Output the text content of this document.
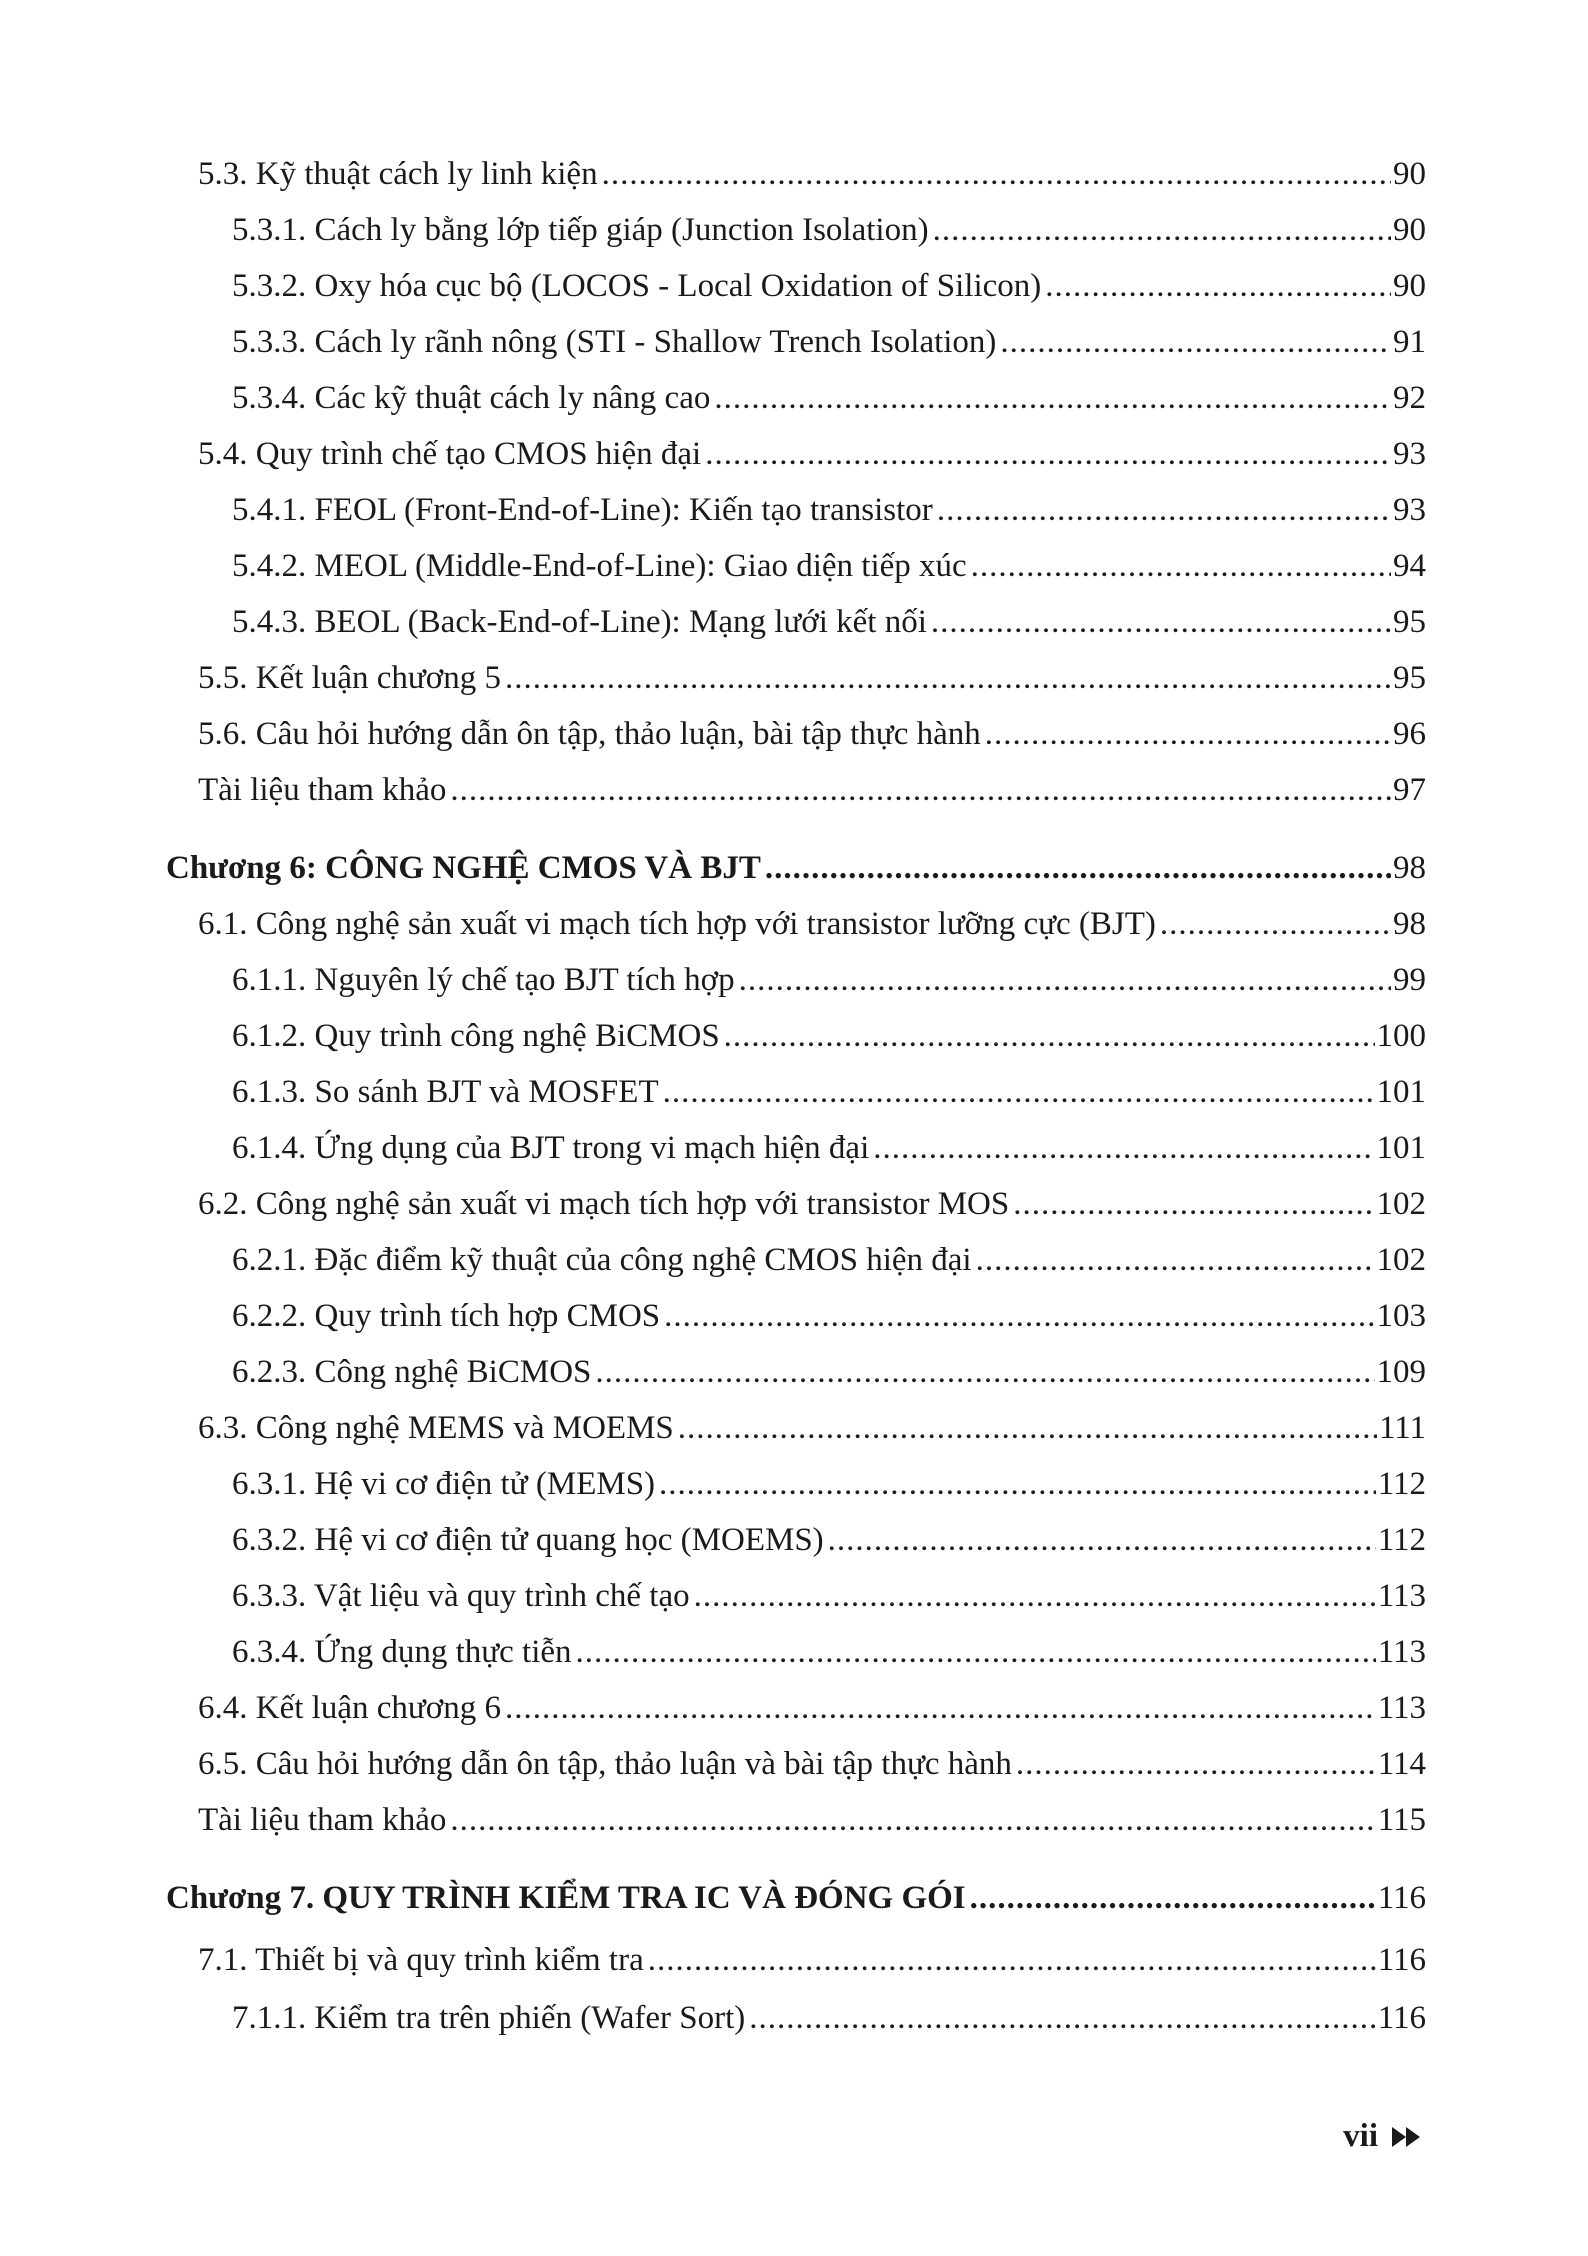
5.3. Kỹ thuật cách ly linh kiện .....	90
5.3.1. Cách ly bằng lớp tiếp giáp (Junction Isolation) .....	90
5.3.2. Oxy hóa cục bộ (LOCOS - Local Oxidation of Silicon) .....	90
5.3.3. Cách ly rãnh nông (STI - Shallow Trench Isolation) .....	91
5.3.4. Các kỹ thuật cách ly nâng cao .....	92
5.4. Quy trình chế tạo CMOS hiện đại .....	93
5.4.1. FEOL (Front-End-of-Line): Kiến tạo transistor .....	93
5.4.2. MEOL (Middle-End-of-Line): Giao diện tiếp xúc .....	94
5.4.3. BEOL (Back-End-of-Line): Mạng lưới kết nối .....	95
5.5. Kết luận chương 5 .....	95
5.6. Câu hỏi hướng dẫn ôn tập, thảo luận, bài tập thực hành .....	96
Tài liệu tham khảo .....	97
Chương 6: CÔNG NGHỆ CMOS VÀ BJT .....	98
6.1. Công nghệ sản xuất vi mạch tích hợp với transistor lưỡng cực (BJT) .....	98
6.1.1. Nguyên lý chế tạo BJT tích hợp .....	99
6.1.2. Quy trình công nghệ BiCMOS .....	100
6.1.3. So sánh BJT và MOSFET .....	101
6.1.4. Ứng dụng của BJT trong vi mạch hiện đại .....	101
6.2. Công nghệ sản xuất vi mạch tích hợp với transistor MOS .....	102
6.2.1. Đặc điểm kỹ thuật của công nghệ CMOS hiện đại .....	102
6.2.2. Quy trình tích hợp CMOS .....	103
6.2.3. Công nghệ BiCMOS .....	109
6.3. Công nghệ MEMS và MOEMS .....	111
6.3.1. Hệ vi cơ điện tử (MEMS) .....	112
6.3.2. Hệ vi cơ điện tử quang học (MOEMS) .....	112
6.3.3. Vật liệu và quy trình chế tạo .....	113
6.3.4. Ứng dụng thực tiễn .....	113
6.4. Kết luận chương 6 .....	113
6.5. Câu hỏi hướng dẫn ôn tập, thảo luận và bài tập thực hành .....	114
Tài liệu tham khảo .....	115
Chương 7. QUY TRÌNH KIỂM TRA IC VÀ ĐÓNG GÓI .....	116
7.1. Thiết bị và quy trình kiểm tra .....	116
7.1.1. Kiểm tra trên phiến (Wafer Sort) .....	116
vii
